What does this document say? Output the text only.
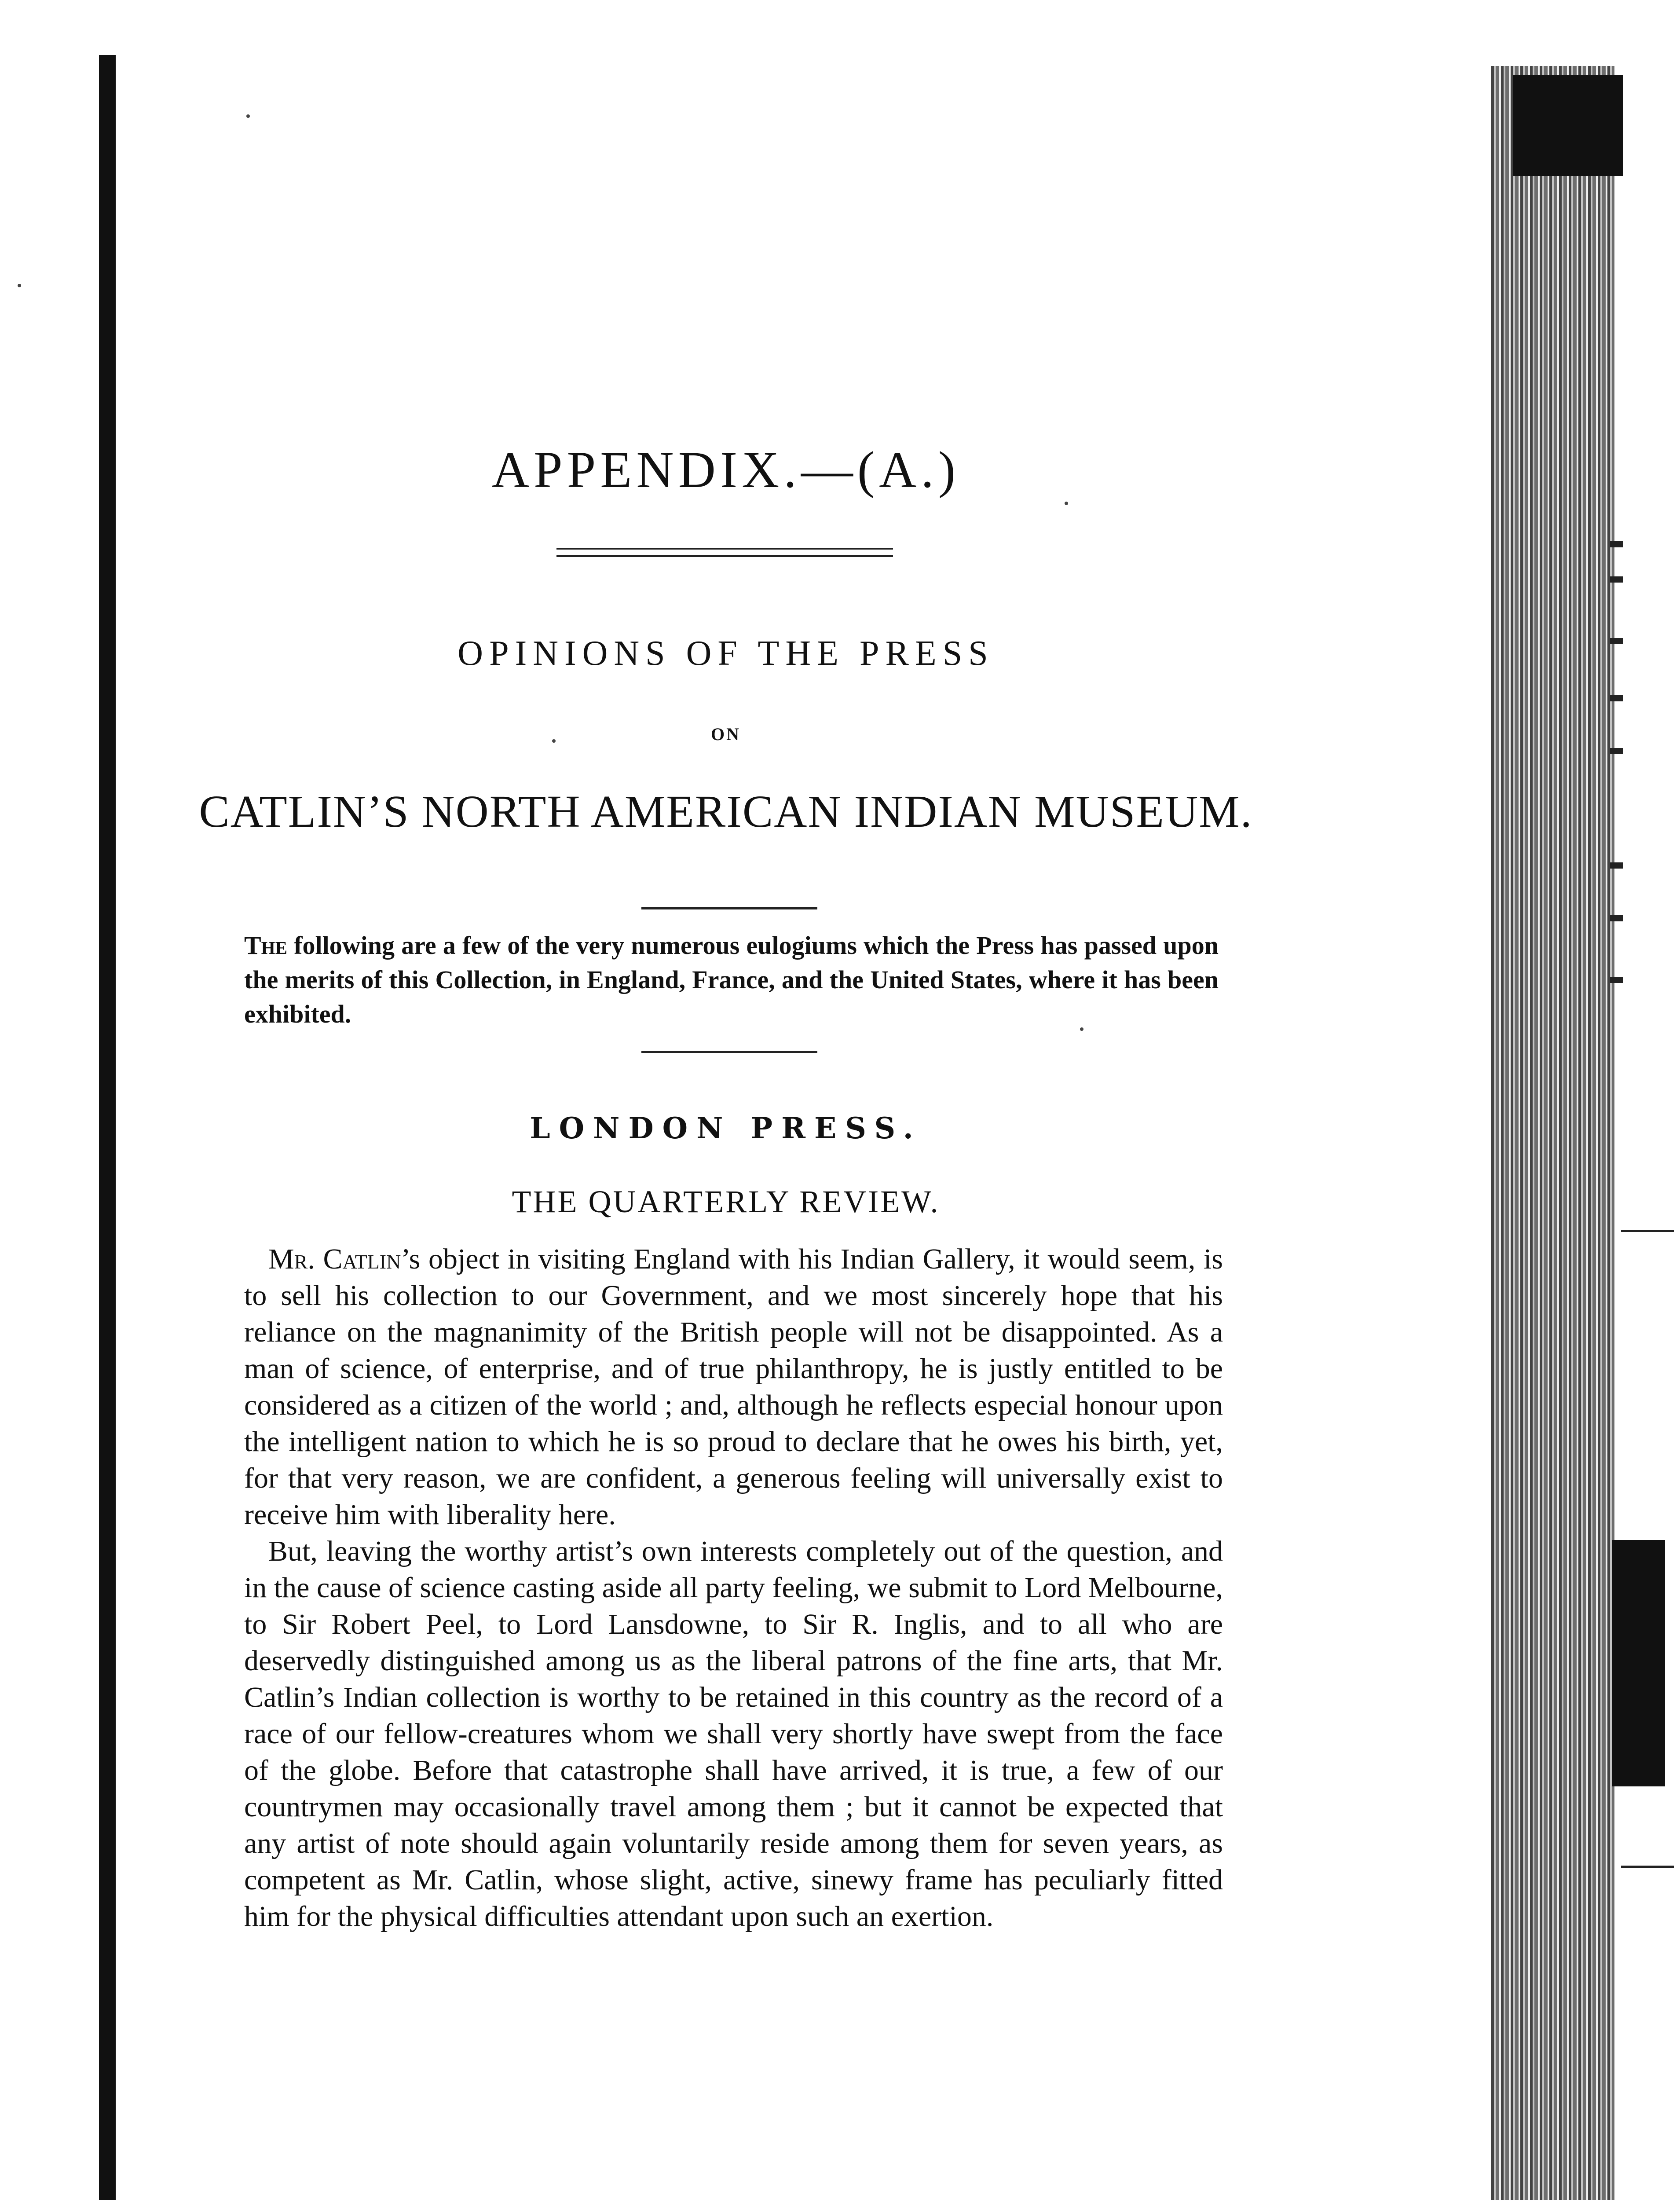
APPENDIX.—(A.)
OPINIONS OF THE PRESS
ON
CATLIN’S NORTH AMERICAN INDIAN MUSEUM.
The following are a few of the very numerous eulogiums which the Press has passed upon the merits of this Collection, in England, France, and the United States, where it has been exhibited.
LONDON PRESS.
THE QUARTERLY REVIEW.

Mr. Catlin’s object in visiting England with his Indian Gallery, it would seem, is to sell his collection to our Government, and we most sincerely hope that his reliance on the magnanimity of the British people will not be disappointed. As a man of science, of enterprise, and of true philanthropy, he is justly entitled to be considered as a citizen of the world ; and, although he reflects especial honour upon the intelligent nation to which he is so proud to declare that he owes his birth, yet, for that very reason, we are confident, a generous feeling will universally exist to receive him with liberality here.

But, leaving the worthy artist’s own interests completely out of the question, and in the cause of science casting aside all party feeling, we submit to Lord Melbourne, to Sir Robert Peel, to Lord Lansdowne, to Sir R. Inglis, and to all who are deservedly distinguished among us as the liberal patrons of the fine arts, that Mr. Catlin’s Indian collection is worthy to be retained in this country as the record of a race of our fellow-creatures whom we shall very shortly have swept from the face of the globe. Before that catastrophe shall have arrived, it is true, a few of our countrymen may occasionally travel among them ; but it cannot be expected that any artist of note should again voluntarily reside among them for seven years, as competent as Mr. Catlin, whose slight, active, sinewy frame has peculiarly fitted him for the physical difficulties attendant upon such an exertion.
